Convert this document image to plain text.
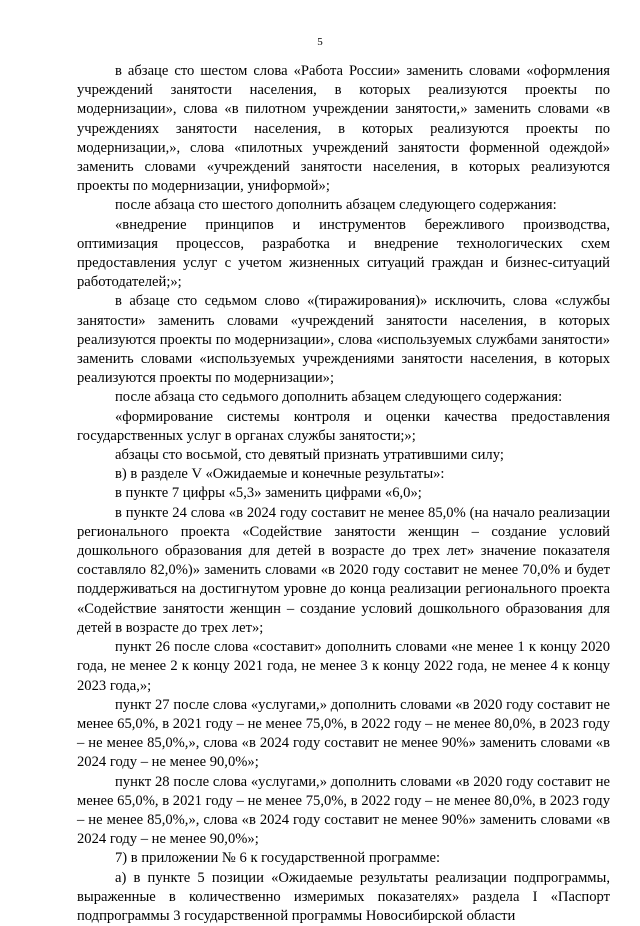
5

в абзаце сто шестом слова «Работа России» заменить словами «оформления учреждений занятости населения, в которых реализуются проекты по модернизации», слова «в пилотном учреждении занятости,» заменить словами «в учреждениях занятости населения, в которых реализуются проекты по модернизации,», слова «пилотных учреждений занятости форменной одеждой» заменить словами «учреждений занятости населения, в которых реализуются проекты по модернизации, униформой»;

после абзаца сто шестого дополнить абзацем следующего содержания:

«внедрение принципов и инструментов бережливого производства, оптимизация процессов, разработка и внедрение технологических схем предоставления услуг с учетом жизненных ситуаций граждан и бизнес-ситуаций работодателей;»;

в абзаце сто седьмом слово «(тиражирования)» исключить, слова «службы занятости» заменить словами «учреждений занятости населения, в которых реализуются проекты по модернизации», слова «используемых службами занятости» заменить словами «используемых учреждениями занятости населения, в которых реализуются проекты по модернизации»;

после абзаца сто седьмого дополнить абзацем следующего содержания:

«формирование системы контроля и оценки качества предоставления государственных услуг в органах службы занятости;»;

абзацы сто восьмой, сто девятый признать утратившими силу;

в) в разделе V «Ожидаемые и конечные результаты»:

в пункте 7 цифры «5,3» заменить цифрами «6,0»;

в пункте 24 слова «в 2024 году составит не менее 85,0% (на начало реализации регионального проекта «Содействие занятости женщин – создание условий дошкольного образования для детей в возрасте до трех лет» значение показателя составляло 82,0%)» заменить словами «в 2020 году составит не менее 70,0% и будет поддерживаться на достигнутом уровне до конца реализации регионального проекта «Содействие занятости женщин – создание условий дошкольного образования для детей в возрасте до трех лет»;

пункт 26 после слова «составит» дополнить словами «не менее 1 к концу 2020 года, не менее 2 к концу 2021 года, не менее 3 к концу 2022 года, не менее 4 к концу 2023 года,»;

пункт 27 после слова «услугами,» дополнить словами «в 2020 году составит не менее 65,0%, в 2021 году – не менее 75,0%, в 2022 году – не менее 80,0%, в 2023 году – не менее 85,0%,», слова «в 2024 году составит не менее 90%» заменить словами «в 2024 году – не менее 90,0%»;

пункт 28 после слова «услугами,» дополнить словами «в 2020 году составит не менее 65,0%, в 2021 году – не менее 75,0%, в 2022 году – не менее 80,0%, в 2023 году – не менее 85,0%,», слова «в 2024 году составит не менее 90%» заменить словами «в 2024 году – не менее 90,0%»;

7) в приложении № 6 к государственной программе:

а) в пункте 5 позиции «Ожидаемые результаты реализации подпрограммы, выраженные в количественно измеримых показателях» раздела I «Паспорт подпрограммы 3 государственной программы Новосибирской области
